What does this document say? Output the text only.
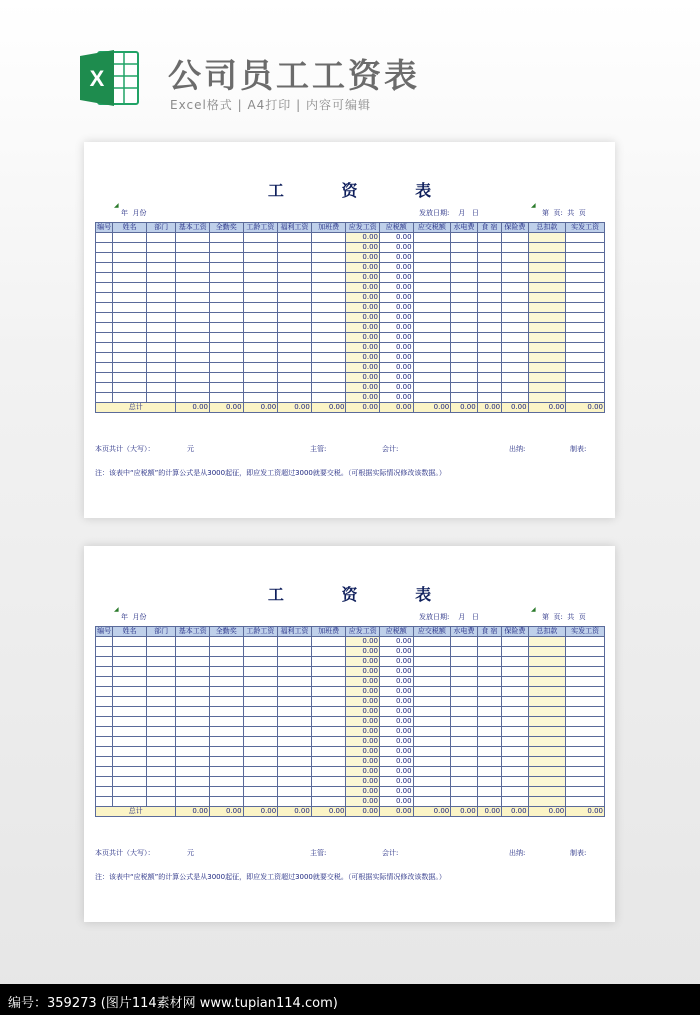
X 公司员工工资表
Excel格式 | A4打印 | 内容可编辑
工 资 表
◢	◢
年  月份	发放日期:    月   日	第  页:  共  页
编号	姓名	部门	基本工资	全勤奖	工龄工资	福利工资	加班费	应发工资	应税额	应交税额	水电费	食 宿	保险费	总扣款	实发工资
								0.00	0.00						
								0.00	0.00						
								0.00	0.00						
								0.00	0.00						
								0.00	0.00						
								0.00	0.00						
								0.00	0.00						
								0.00	0.00						
								0.00	0.00						
								0.00	0.00						
								0.00	0.00						
								0.00	0.00						
								0.00	0.00						
								0.00	0.00						
								0.00	0.00						
								0.00	0.00						
								0.00	0.00						
总计			0.00	0.00	0.00	0.00	0.00	0.00	0.00	0.00	0.00	0.00	0.00	0.00	0.00
本页共计（大写）：	元	主管:	会计:	出纳:	制表:
注：该表中“应税额”的计算公式是从3000起征，即应发工资超过3000就要交税。（可根据实际情况修改该数据。）
工 资 表
◢	◢
年  月份	发放日期:    月   日	第  页:  共  页
编号	姓名	部门	基本工资	全勤奖	工龄工资	福利工资	加班费	应发工资	应税额	应交税额	水电费	食 宿	保险费	总扣款	实发工资
								0.00	0.00						
								0.00	0.00						
								0.00	0.00						
								0.00	0.00						
								0.00	0.00						
								0.00	0.00						
								0.00	0.00						
								0.00	0.00						
								0.00	0.00						
								0.00	0.00						
								0.00	0.00						
								0.00	0.00						
								0.00	0.00						
								0.00	0.00						
								0.00	0.00						
								0.00	0.00						
								0.00	0.00						
总计			0.00	0.00	0.00	0.00	0.00	0.00	0.00	0.00	0.00	0.00	0.00	0.00	0.00
本页共计（大写）：	元	主管:	会计:	出纳:	制表:
注：该表中“应税额”的计算公式是从3000起征，即应发工资超过3000就要交税。（可根据实际情况修改该数据。）
编号：359273 (图片114素材网 www.tupian114.com)
